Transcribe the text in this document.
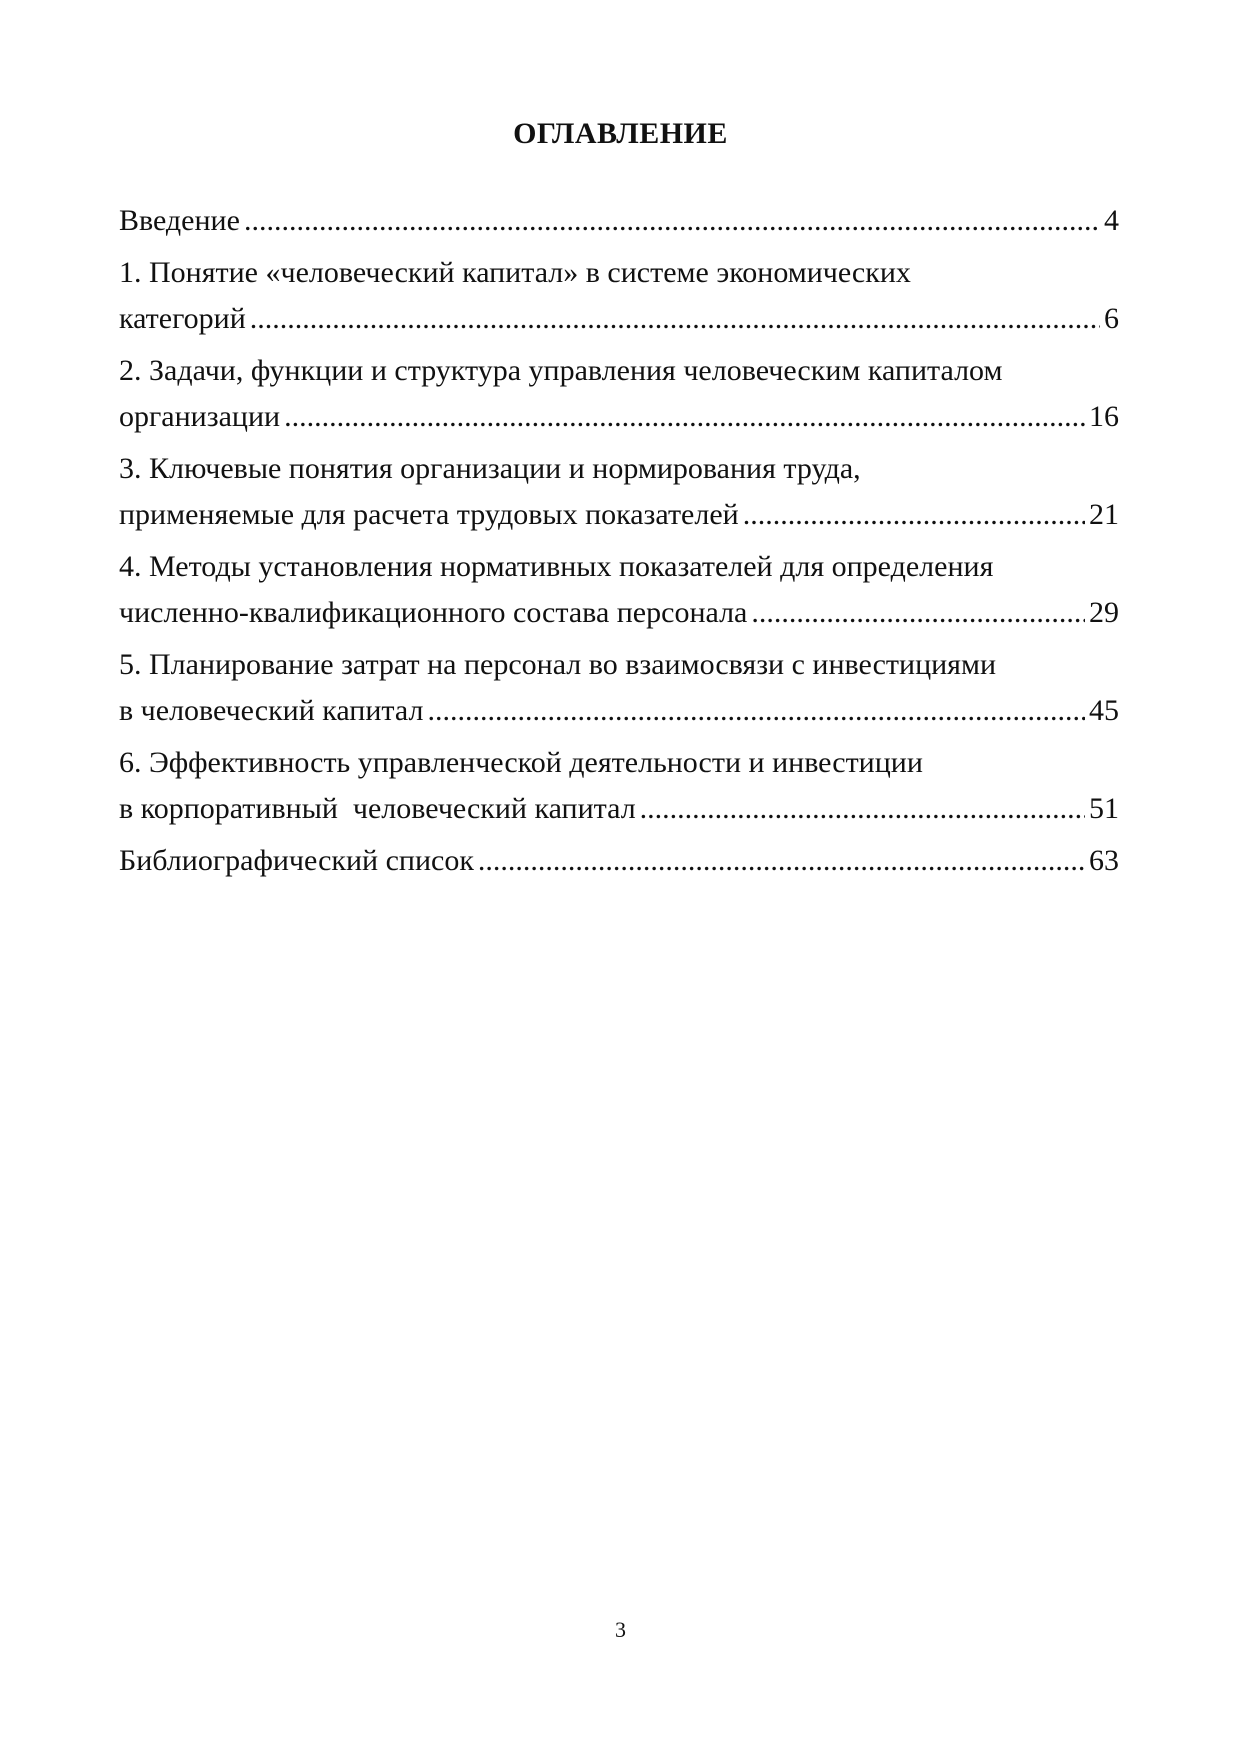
ОГЛАВЛЕНИЕ
Введение .....	4
1. Понятие «человеческий капитал» в системе экономических
категорий .....	6
2. Задачи, функции и структура управления человеческим капиталом
организации .....	16
3. Ключевые понятия организации и нормирования труда,
применяемые для расчета трудовых показателей .....	21
4. Методы установления нормативных показателей для определения
численно-квалификационного состава персонала .....	29
5. Планирование затрат на персонал во взаимосвязи с инвестициями
в человеческий капитал .....	45
6. Эффективность управленческой деятельности и инвестиции
в корпоративный  человеческий капитал .....	51
Библиографический список .....	63
3
